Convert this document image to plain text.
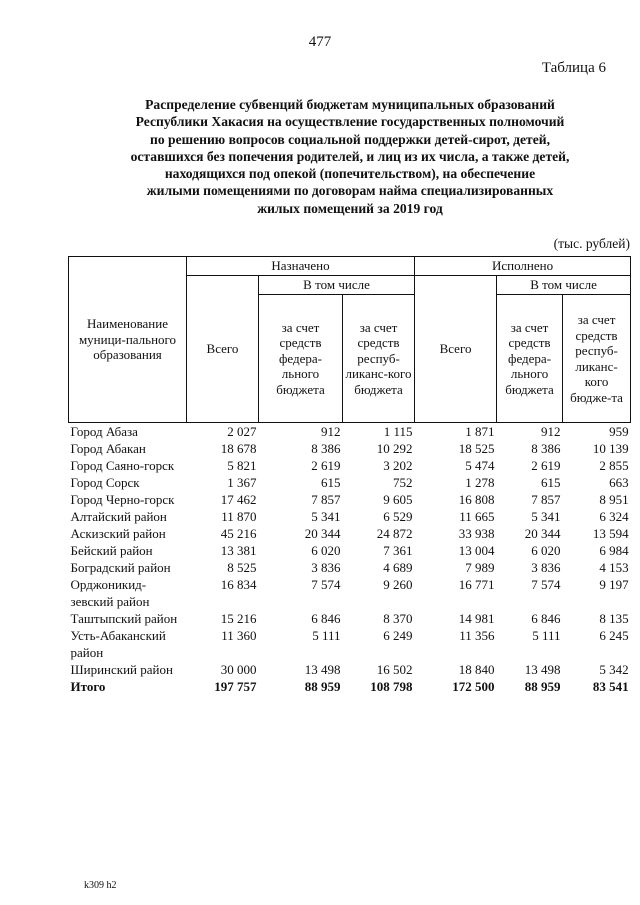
477
Таблица 6
Распределение субвенций бюджетам муниципальных образований
Республики Хакасия на осуществление государственных полномочий
по решению вопросов социальной поддержки детей-сирот, детей,
оставшихся без попечения родителей, и лиц из их числа, а также детей,
находящихся под опекой (попечительством), на обеспечение
жилыми помещениями по договорам найма специализированных
жилых помещений за 2019 год
(тыс. рублей)
Наименование муници-пального образования	Назначено			Исполнено		
	Всего	В том числе		Всего	В том числе	
		за счет средств федера-льного бюджета	за счет средств респуб-ликанс-кого бюджета		за счет средств федера-льного бюджета	за счет средств респуб-ликанс-кого бюдже-та
Город Абаза	2 027	912	1 115	1 871	912	959
Город Абакан	18 678	8 386	10 292	18 525	8 386	10 139
Город Саяно-горск	5 821	2 619	3 202	5 474	2 619	2 855
Город Сорск	1 367	615	752	1 278	615	663
Город Черно-горск	17 462	7 857	9 605	16 808	7 857	8 951
Алтайский район	11 870	5 341	6 529	11 665	5 341	6 324
Аскизский район	45 216	20 344	24 872	33 938	20 344	13 594
Бейский район	13 381	6 020	7 361	13 004	6 020	6 984
Боградский район	8 525	3 836	4 689	7 989	3 836	4 153
Орджоникид-зевский район	16 834	7 574	9 260	16 771	7 574	9 197
Таштыпский район	15 216	6 846	8 370	14 981	6 846	8 135
Усть-Абаканский район	11 360	5 111	6 249	11 356	5 111	6 245
Ширинский район	30 000	13 498	16 502	18 840	13 498	5 342
Итого	197 757	88 959	108 798	172 500	88 959	83 541
k309 h2
